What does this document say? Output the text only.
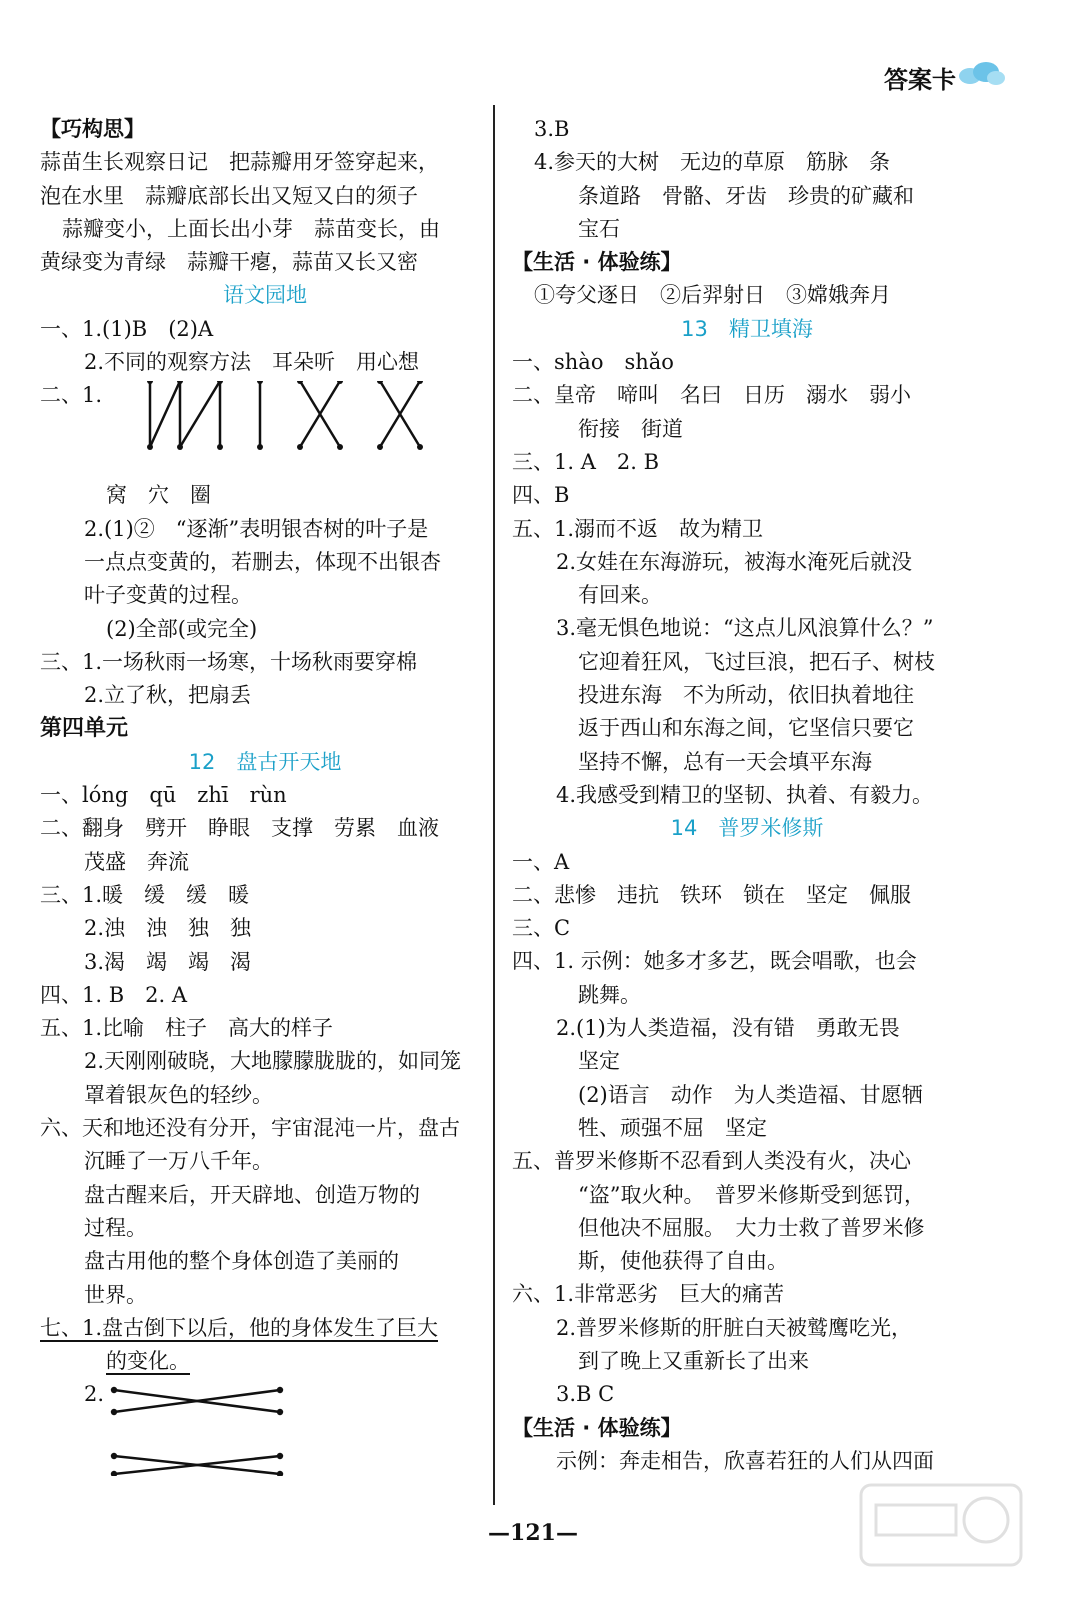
答案卡
【巧构思】
蒜苗生长观察日记　把蒜瓣用牙签穿起来，
泡在水里　蒜瓣底部长出又短又白的须子
蒜瓣变小，上面长出小芽　蒜苗变长，由
黄绿变为青绿　蒜瓣干瘪，蒜苗又长又密
语文园地
一、1.(1)B　(2)A
2.不同的观察方法　耳朵听　用心想
二、1.
窝　穴　圈
2.(1)②　“逐渐”表明银杏树的叶子是
一点点变黄的，若删去，体现不出银杏
叶子变黄的过程。
(2)全部(或完全)
三、1.一场秋雨一场寒，十场秋雨要穿棉
2.立了秋，把扇丢
第四单元
12　盘古开天地
一、lóng　qū　zhī　rùn
二、翻身　劈开　睁眼　支撑　劳累　血液
茂盛　奔流
三、1.暖　缓　缓　暖
2.浊　浊　独　独
3.渴　竭　竭　渴
四、1. B　2. A
五、1.比喻　柱子　高大的样子
2.天刚刚破晓，大地朦朦胧胧的，如同笼
罩着银灰色的轻纱。
六、天和地还没有分开，宇宙混沌一片，盘古
沉睡了一万八千年。
盘古醒来后，开天辟地、创造万物的
过程。
盘古用他的整个身体创造了美丽的
世界。
七、1.盘古倒下以后，他的身体发生了巨大
的变化。
2.
3.B
4.参天的大树　无边的草原　筋脉　条
条道路　骨骼、牙齿　珍贵的矿藏和
宝石
【生活 · 体验练】
①夸父逐日　②后羿射日　③嫦娥奔月
13　精卫填海
一、shào　shǎo
二、皇帝　啼叫　名曰　日历　溺水　弱小
衔接　街道
三、1. A　2. B
四、B
五、1.溺而不返　故为精卫
2.女娃在东海游玩，被海水淹死后就没
有回来。
3.毫无惧色地说：“这点儿风浪算什么？”
它迎着狂风，飞过巨浪，把石子、树枝
投进东海　不为所动，依旧执着地往
返于西山和东海之间，它坚信只要它
坚持不懈，总有一天会填平东海
4.我感受到精卫的坚韧、执着、有毅力。
14　普罗米修斯
一、A
二、悲惨　违抗　铁环　锁在　坚定　佩服
三、C
四、1. 示例：她多才多艺，既会唱歌，也会
跳舞。
2.(1)为人类造福，没有错　勇敢无畏
坚定
(2)语言　动作　为人类造福、甘愿牺
牲、顽强不屈　坚定
五、普罗米修斯不忍看到人类没有火，决心
“盗”取火种。　普罗米修斯受到惩罚，
但他决不屈服。　大力士救了普罗米修
斯，使他获得了自由。
六、1.非常恶劣　巨大的痛苦
2.普罗米修斯的肝脏白天被鹫鹰吃光，
到了晚上又重新长了出来
3.B C
【生活 · 体验练】
示例：奔走相告，欣喜若狂的人们从四面
—121—
